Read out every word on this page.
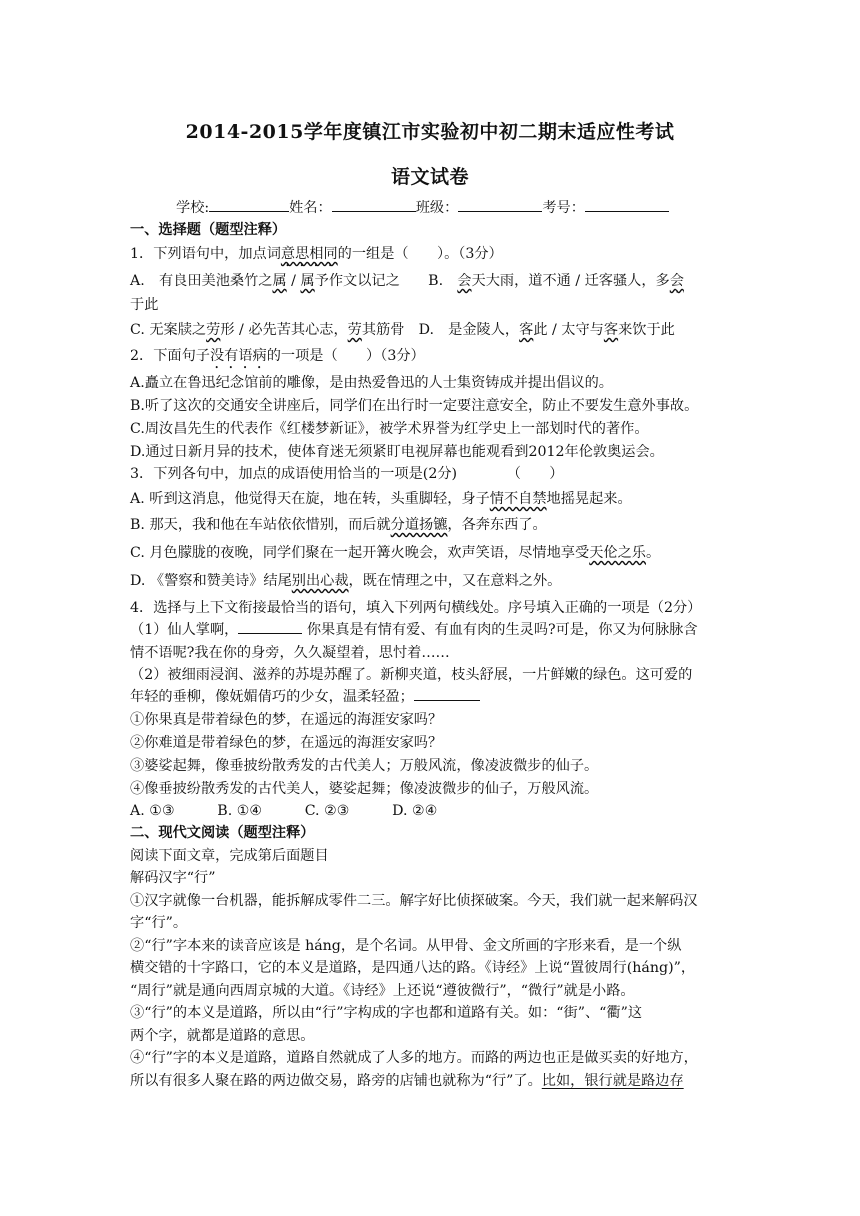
2014-2015学年度镇江市实验初中初二期末适应性考试
语文试卷
学校:	姓名：	班级：	考号：
一、选择题（题型注释）
1．下列语句中，加点词意思相同的一组是（　　）。（3分）
A.　有良田美池桑竹之属 / 属予作文以记之　　B.　会天大雨，道不通 / 迁客骚人，多会
于此
C. 无案牍之劳形 / 必先苦其心志，劳其筋骨　D.　是金陵人，客此 / 太守与客来饮于此
2．下面句子没有语病的一项是（　　）（3分）
A.矗立在鲁迅纪念馆前的雕像，是由热爱鲁迅的人士集资铸成并提出倡议的。
B.听了这次的交通安全讲座后，同学们在出行时一定要注意安全，防止不要发生意外事故。
C.周汝昌先生的代表作《红楼梦新证》，被学术界誉为红学史上一部划时代的著作。
D.通过日新月异的技术，使体育迷无须紧盯电视屏幕也能观看到2012年伦敦奥运会。
3．下列各句中，加点的成语使用恰当的一项是(2分)　　　　（　　）
A. 听到这消息，他觉得天在旋，地在转，头重脚轻，身子情不自禁地摇晃起来。
B. 那天，我和他在车站依依惜别，而后就分道扬镳，各奔东西了。
C. 月色朦胧的夜晚，同学们聚在一起开篝火晚会，欢声笑语，尽情地享受天伦之乐。
D. 《警察和赞美诗》结尾别出心裁，既在情理之中，又在意料之外。
4．选择与上下文衔接最恰当的语句，填入下列两句横线处。序号填入正确的一项是（2分）
（1）仙人掌啊，	你果真是有情有爱、有血有肉的生灵吗?可是，你又为何脉脉含
情不语呢?我在你的身旁，久久凝望着，思忖着……
（2）被细雨浸润、滋养的苏堤苏醒了。新柳夹道，枝头舒展，一片鲜嫩的绿色。这可爱的
年轻的垂柳，像妩媚倩巧的少女，温柔轻盈；
①你果真是带着绿色的梦，在遥远的海涯安家吗？
②你难道是带着绿色的梦，在遥远的海涯安家吗？
③婆娑起舞，像垂披纷散秀发的古代美人；万般风流，像凌波微步的仙子。
④像垂披纷散秀发的古代美人，婆娑起舞；像凌波微步的仙子，万般风流。
A. ①③　　　B. ①④　　　C. ②③　　　D. ②④
二、现代文阅读（题型注释）
阅读下面文章，完成第后面题目
解码汉字“行”
①汉字就像一台机器，能拆解成零件二三。解字好比侦探破案。今天，我们就一起来解码汉
字“行”。
②“行”字本来的读音应该是 háng，是个名词。从甲骨、金文所画的字形来看，是一个纵
横交错的十字路口，它的本义是道路，是四通八达的路。《诗经》上说“置彼周行(háng)”，
“周行”就是通向西周京城的大道。《诗经》上还说“遵彼微行”，“微行”就是小路。
③“行”的本义是道路，所以由“行”字构成的字也都和道路有关。如：“街”、“衢”这
两个字，就都是道路的意思。
④“行”字的本义是道路，道路自然就成了人多的地方。而路的两边也正是做买卖的好地方，
所以有很多人聚在路的两边做交易，路旁的店铺也就称为“行”了。比如，银行就是路边存
